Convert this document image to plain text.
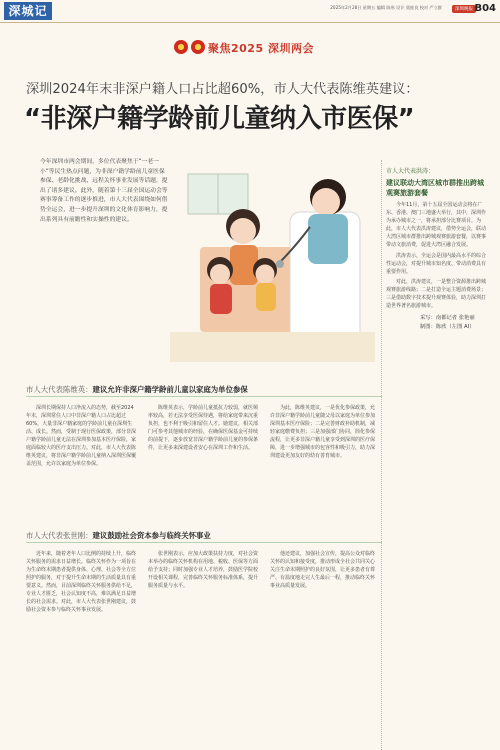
深城记	2025年2月28日 星期五 编辑 陈彤 设计 莫桂良 校对 严立群	深圳晚报 B04
聚焦2025 深圳两会
深圳2024年末非深户籍人口占比超60%，市人大代表陈维英建议：
“非深户籍学龄前儿童纳入市医保”
今年深圳市两会期间，多位代表聚焦于“一老一小”等民生热点问题，为非深户籍学龄前儿童医保参保、老龄化挑战、远程关怀事业发展等话题，提出了诸多建议。此外，随着第十三届全国运动会等赛事筹备工作的逐步推进，市人大代表围绕如何借势全运会，进一步提升深圳的文化体育影响力，提出系列具有前瞻性和实操性的建议。
市人大代表洪涛：
建议联动大湾区城市群推出跨城观赛旅游套餐

今年11月，第十五届全国运动会将在广东、香港、澳门三地盛大举行，其中，深圳作为承办城市之一，将承担部分比赛项目。为此，市人大代表洪涛建议，借势全运会，联动大湾区城市群推出跨城观赛旅游套餐，以赛事带动文旅消费，促进大湾区融合发展。

洪涛表示，全运会是国内最高水平的综合性运动会，对提升城市知名度、带动消费具有重要作用。

对此，洪涛建议，一是整合资源推出跨城观赛旅游线路；二是打造全运主题消费场景；三是借助数字技术提升观赛体验，助力深圳打造世界著名旅游城市。

采写：南都记者 张艳丽
制图：陈欣（左图 AI）
市人大代表陈维英：建议允许非深户籍学龄前儿童以家庭为单位参保
深圳长期保持人口净流入的态势，截至2024年末，深圳常住人口中非深户籍人口占比超过60%，大量非深户籍家庭的学龄前儿童在深圳生活、成长。然而，受制于现行医保政策，部分非深户籍学龄前儿童无法在深圳参加基本医疗保险，家庭面临较大的医疗支出压力。对此，市人大代表陈维英建议，将非深户籍学龄前儿童纳入深圳医保覆盖范围，允许以家庭为单位参保。
陈维英表示，学龄前儿童抵抗力较弱，就医频率较高，若无法享受医保待遇，将给家庭带来沉重负担，也不利于吸引和留住人才。她建议，相关部门可参考其他城市的经验，在确保医保基金可持续的前提下，逐步放宽非深户籍学龄前儿童的参保条件，让更多来深建设者安心在深圳工作和生活。
为此，陈维英建议，一是优化参保政策，允许非深户籍学龄前儿童随父母以家庭为单位参加深圳基本医疗保险；二是完善财政补助机制，减轻家庭缴费负担；三是加强部门协同，简化参保流程，让更多非深户籍儿童享受到深圳的医疗保障，进一步增强城市的包容性和吸引力，助力深圳建设更加友好的幼有善育城市。
市人大代表张世刚：建议鼓励社会资本参与临终关怀事业
近年来，随着老年人口比例的持续上升，临终关怀服务的需求日益增长。临终关怀作为一项旨在为生命终末期患者提供身体、心理、社会等全方位照护的服务，对于提升生命末期的生活质量具有重要意义。然而，目前深圳临终关怀服务供给不足，专业人才匮乏，社会认知度不高，难以满足日益增长的社会需求。对此，市人大代表张世刚建议，鼓励社会资本参与临终关怀事业发展。
张世刚表示，应加大政策扶持力度，对社会资本举办的临终关怀机构在用地、税收、医保等方面给予支持；同时加强专业人才培养，鼓励医学院校开设相关课程，完善临终关怀服务标准体系，提升服务质量与水平。
他还建议，加强社会宣传，提高公众对临终关怀的认知和接受度，推动形成全社会共同关心关注生命末期照护的良好氛围，让更多患者有尊严、有温度地走完人生最后一程，推动临终关怀事业高质量发展。
